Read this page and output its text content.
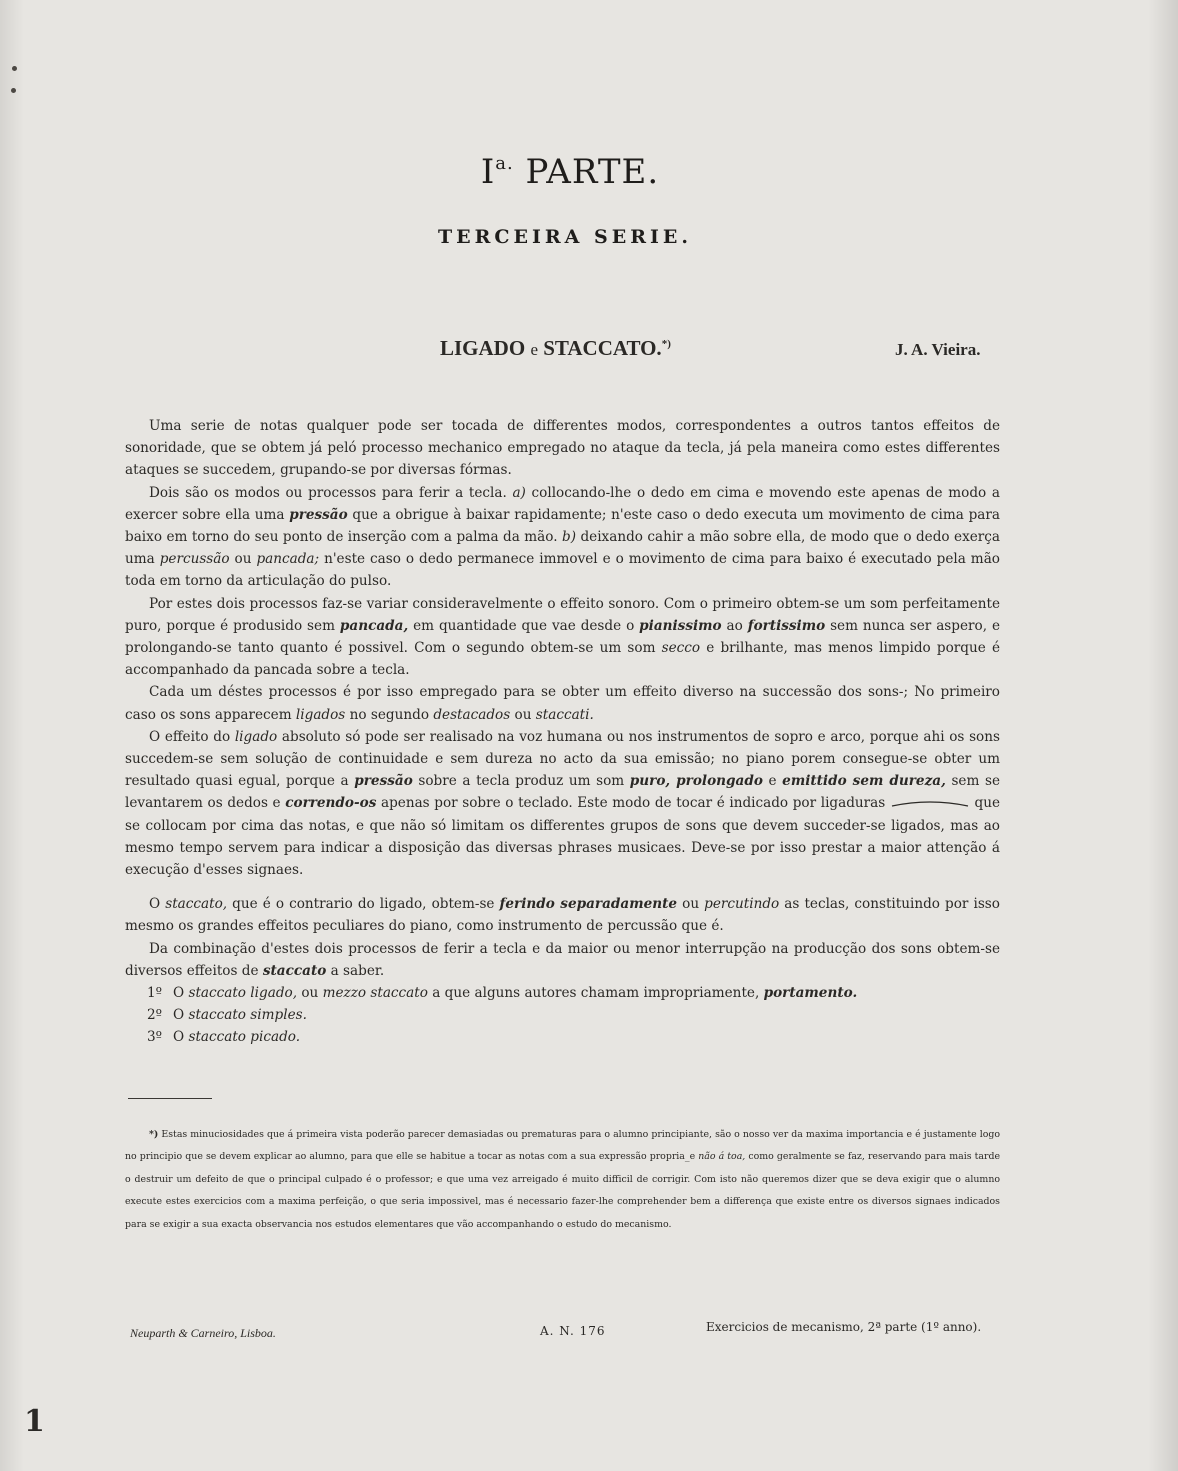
$I^{a.}$ PARTE.
TERCEIRA SERIE.
LIGADO e STACCATO.*)	J. A. Vieira.

Uma serie de notas qualquer pode ser tocada de differentes modos, correspondentes a outros tantos effeitos de sonoridade, que se obtem já peló processo mechanico empregado no ataque da tecla, já pela maneira como estes differentes ataques se succedem, grupando-se por diversas fórmas.

Dois são os modos ou processos para ferir a tecla. a) collocando-lhe o dedo em cima e movendo este apenas de modo a exercer sobre ella uma pressão que a obrigue à baixar rapidamente; n'este caso o dedo executa um movimento de cima para baixo em torno do seu ponto de inserção com a palma da mão. b) deixando cahir a mão sobre ella, de modo que o dedo exerça uma percussão ou pancada; n'este caso o dedo permanece immovel e o movimento de cima para baixo é executado pela mão toda em torno da articulação do pulso.

Por estes dois processos faz-se variar consideravelmente o effeito sonoro. Com o primeiro obtem-se um som perfeitamente puro, porque é produsido sem pancada, em quantidade que vae desde o pianissimo ao fortissimo sem nunca ser aspero, e prolongando-se tanto quanto é possivel. Com o segundo obtem-se um som secco e brilhante, mas menos limpido porque é accompanhado da pancada sobre a tecla.

Cada um déstes processos é por isso empregado para se obter um effeito diverso na successão dos sons-; No primeiro caso os sons apparecem ligados no segundo destacados ou staccati.

O effeito do ligado absoluto só pode ser realisado na voz humana ou nos instrumentos de sopro e arco, porque ahi os sons succedem-se sem solução de continuidade e sem dureza no acto da sua emissão; no piano porem consegue-se obter um resultado quasi egual, porque a pressão sobre a tecla produz um som puro, prolongado e emittido sem dureza, sem se levantarem os dedos e correndo-os apenas por sobre o teclado. Este modo de tocar é indicado por ligaduras	que se collocam por cima das notas, e que não só limitam os differentes grupos de sons que devem succeder-se ligados, mas ao mesmo tempo servem para indicar a disposição das diversas phrases musicaes. Deve-se por isso prestar a maior attenção á execução d'esses signaes.

O staccato, que é o contrario do ligado, obtem-se ferindo separadamente ou percutindo as teclas, constituindo por isso mesmo os grandes effeitos peculiares do piano, como instrumento de percussão que é.

Da combinação d'estes dois processos de ferir a tecla e da maior ou menor interrupção na producção dos sons obtem-se diversos effeitos de staccato a saber.

1º O staccato ligado, ou mezzo staccato a que alguns autores chamam impropriamente, portamento.
2º O staccato simples.
3º O staccato picado.

*) Estas minuciosidades que á primeira vista poderão parecer demasiadas ou prematuras para o alumno principiante, são o nosso ver da maxima importancia e é justamente logo no principio que se devem explicar ao alumno, para que elle se habitue a tocar as notas com a sua expressão propria_e não á toa, como geralmente se faz, reservando para mais tarde o destruir um defeito de que o principal culpado é o professor; e que uma vez arreigado é muito difficil de corrigir. Com isto não queremos dizer que se deva exigir que o alumno execute estes exercicios com a maxima perfeição, o que seria impossivel, mas é necessario fazer-lhe comprehender bem a differença que existe entre os diversos signaes indicados para se exigir a sua exacta observancia nos estudos elementares que vão accompanhando o estudo do mecanismo.

Neuparth & Carneiro, Lisboa.	A. N. 176	Exercicios de mecanismo, 2ª parte (1º anno).
1
